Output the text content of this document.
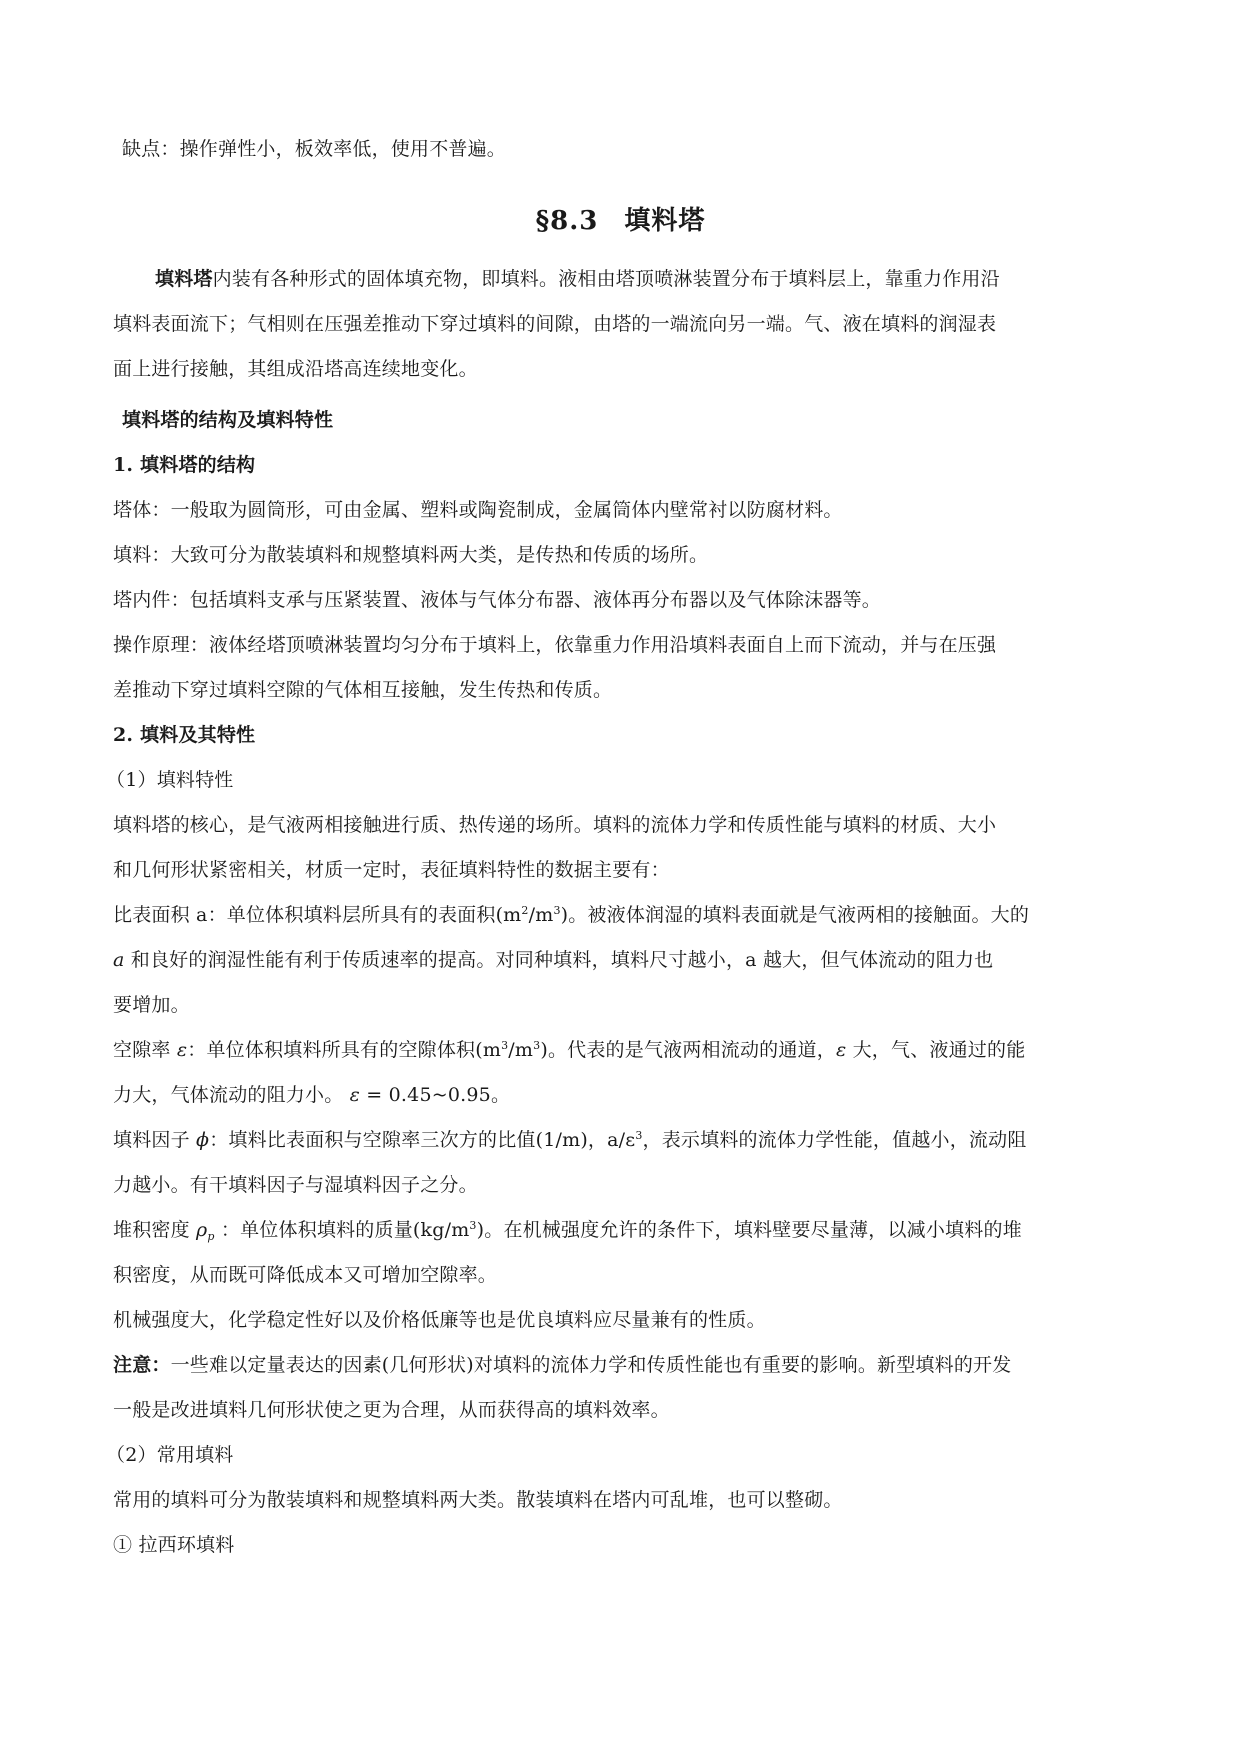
缺点：操作弹性小，板效率低，使用不普遍。
§8.3 填料塔
填料塔内装有各种形式的固体填充物，即填料。液相由塔顶喷淋装置分布于填料层上，靠重力作用沿
填料表面流下；气相则在压强差推动下穿过填料的间隙，由塔的一端流向另一端。气、液在填料的润湿表
面上进行接触，其组成沿塔高连续地变化。
填料塔的结构及填料特性
1. 填料塔的结构
塔体：一般取为圆筒形，可由金属、塑料或陶瓷制成，金属筒体内壁常衬以防腐材料。
填料：大致可分为散装填料和规整填料两大类，是传热和传质的场所。
塔内件：包括填料支承与压紧装置、液体与气体分布器、液体再分布器以及气体除沫器等。
操作原理：液体经塔顶喷淋装置均匀分布于填料上，依靠重力作用沿填料表面自上而下流动，并与在压强
差推动下穿过填料空隙的气体相互接触，发生传热和传质。
2. 填料及其特性
（1）填料特性
填料塔的核心，是气液两相接触进行质、热传递的场所。填料的流体力学和传质性能与填料的材质、大小
和几何形状紧密相关，材质一定时，表征填料特性的数据主要有：
比表面积 a：单位体积填料层所具有的表面积$(m^2/m^3)$。被液体润湿的填料表面就是气液两相的接触面。大的
a 和良好的润湿性能有利于传质速率的提高。对同种填料，填料尺寸越小，a 越大，但气体流动的阻力也
要增加。
空隙率 ε：单位体积填料所具有的空隙体积$(m^3/m^3)$。代表的是气液两相流动的通道，ε 大，气、液通过的能
力大，气体流动的阻力小。 ε = 0.45~0.95。
填料因子 ϕ：填料比表面积与空隙率三次方的比值(1/m)，$a/\varepsilon^3$，表示填料的流体力学性能，值越小，流动阻
力越小。有干填料因子与湿填料因子之分。
堆积密度 $\rho_p$ ：单位体积填料的质量$(kg/m^3)$。在机械强度允许的条件下，填料壁要尽量薄，以减小填料的堆
积密度，从而既可降低成本又可增加空隙率。
机械强度大，化学稳定性好以及价格低廉等也是优良填料应尽量兼有的性质。
注意：一些难以定量表达的因素(几何形状)对填料的流体力学和传质性能也有重要的影响。新型填料的开发
一般是改进填料几何形状使之更为合理，从而获得高的填料效率。
（2）常用填料
常用的填料可分为散装填料和规整填料两大类。散装填料在塔内可乱堆，也可以整砌。
① 拉西环填料
